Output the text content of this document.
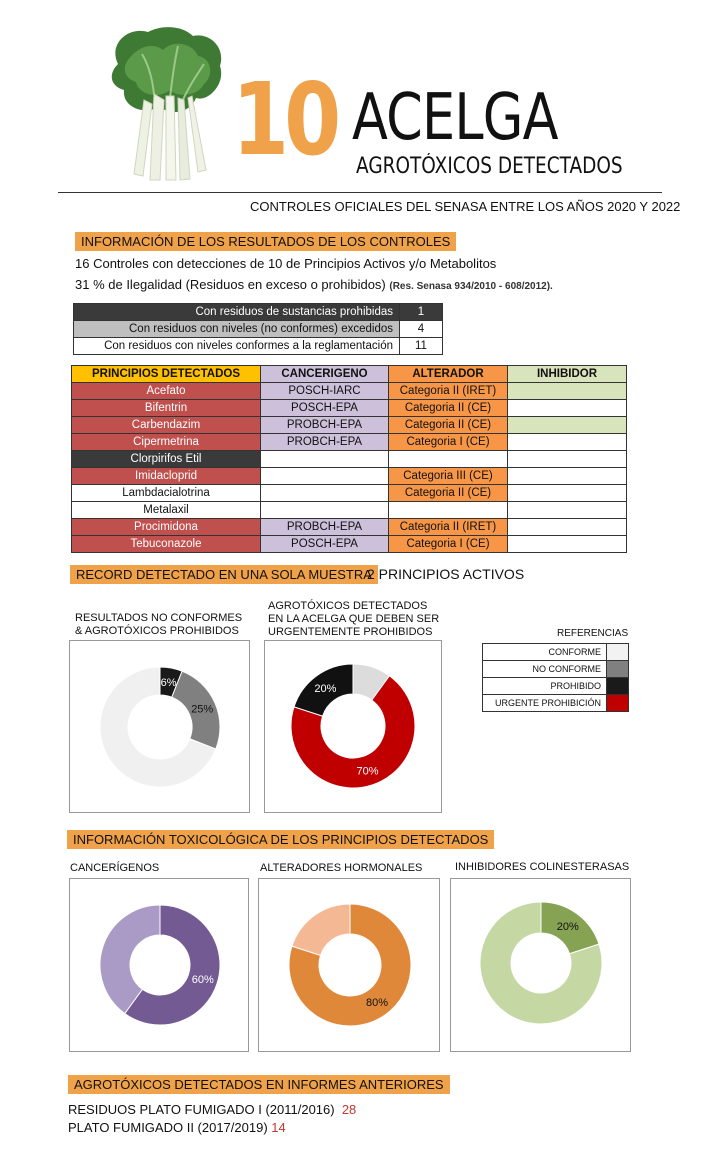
10 ACELGA
AGROTÓXICOS DETECTADOS
CONTROLES OFICIALES DEL SENASA ENTRE LOS AÑOS 2020 Y 2022
INFORMACIÓN DE LOS RESULTADOS DE LOS CONTROLES
16 Controles con detecciones de 10 de Principios Activos y/o Metabolitos
31 % de Ilegalidad (Residuos en exceso o prohibidos) (Res. Senasa 934/2010 - 608/2012).
Con residuos de sustancias prohibidas	1
Con residuos con niveles (no conformes) excedidos	4
Con residuos con niveles conformes a la reglamentación	11
PRINCIPIOS DETECTADOS	CANCERIGENO	ALTERADOR	INHIBIDOR
Acefato	POSCH-IARC	Categoria II (IRET)	
Bifentrin	POSCH-EPA	Categoria II (CE)	
Carbendazim	PROBCH-EPA	Categoria II (CE)	
Cipermetrina	PROBCH-EPA	Categoria I (CE)	
Clorpirifos Etil			
Imidacloprid		Categoria III (CE)	
Lambdacialotrina		Categoria II (CE)	
Metalaxil			
Procimidona	PROBCH-EPA	Categoria II (IRET)	
Tebuconazole	POSCH-EPA	Categoria I (CE)	
RECORD DETECTADO EN UNA SOLA MUESTRA
2 PRINCIPIOS ACTIVOS
RESULTADOS NO CONFORMES
& AGROTÓXICOS PROHIBIDOS
AGROTÓXICOS DETECTADOS
EN LA ACELGA QUE DEBEN SER
URGENTEMENTE PROHIBIDOS
6%
25%
70%
20%
REFERENCIAS
CONFORME	
NO CONFORME	
PROHIBIDO	
URGENTE PROHIBICIÓN	
INFORMACIÓN TOXICOLÓGICA DE LOS PRINCIPIOS DETECTADOS
CANCERÍGENOS	ALTERADORES HORMONALES	INHIBIDORES COLINESTERASAS
60%
80%
20%
AGROTÓXICOS DETECTADOS EN INFORMES ANTERIORES
RESIDUOS PLATO FUMIGADO I (2011/2016) 28
PLATO FUMIGADO II (2017/2019) 14
